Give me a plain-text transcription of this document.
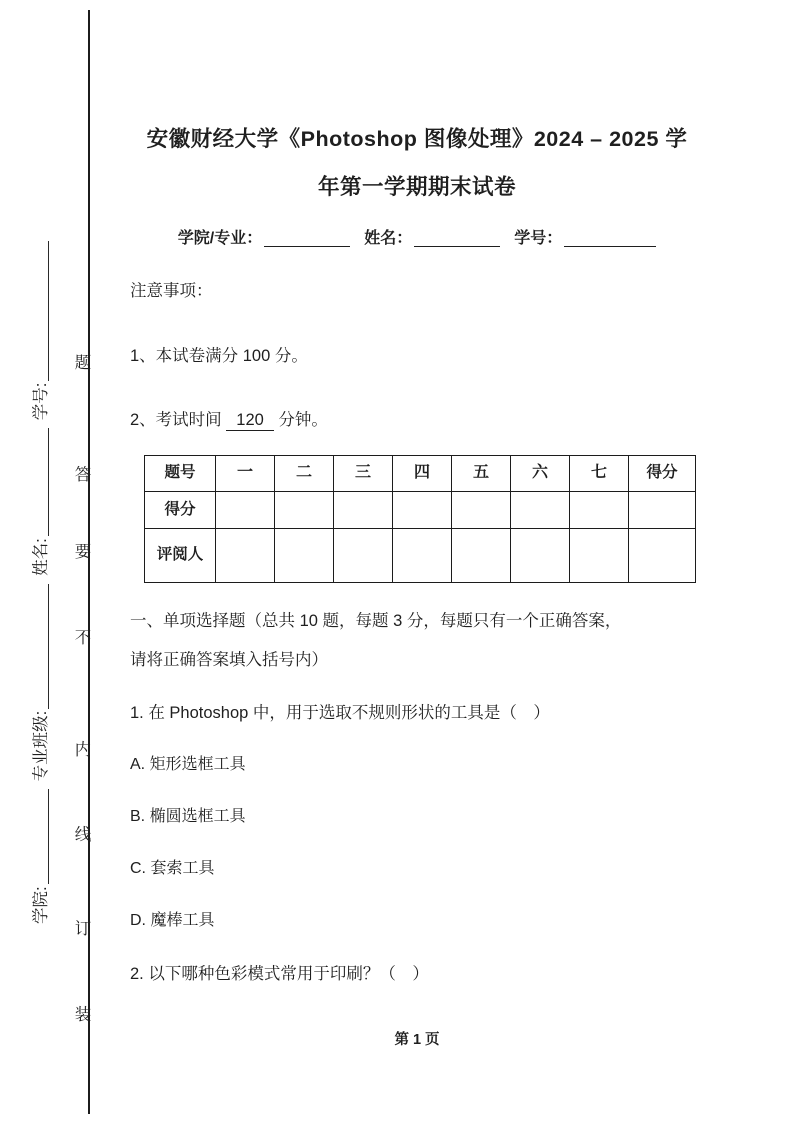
学院:
专业班级:
姓名:
学号:
题
答
要
不
内
线
订
装
安徽财经大学《Photoshop 图像处理》2024 – 2025 学
年第一学期期末试卷
学院/专业：	姓名：	学号：
注意事项：
1、本试卷满分 100 分。
2、考试时间 120 分钟。
题号	一	二	三	四	五	六	七	得分
得分								
评阅人								
一、单项选择题（总共 10 题，每题 3 分，每题只有一个正确答案，
请将正确答案填入括号内）
1. 在 Photoshop 中，用于选取不规则形状的工具是（　）
A. 矩形选框工具
B. 椭圆选框工具
C. 套索工具
D. 魔棒工具
2. 以下哪种色彩模式常用于印刷？（　）
第 1 页
